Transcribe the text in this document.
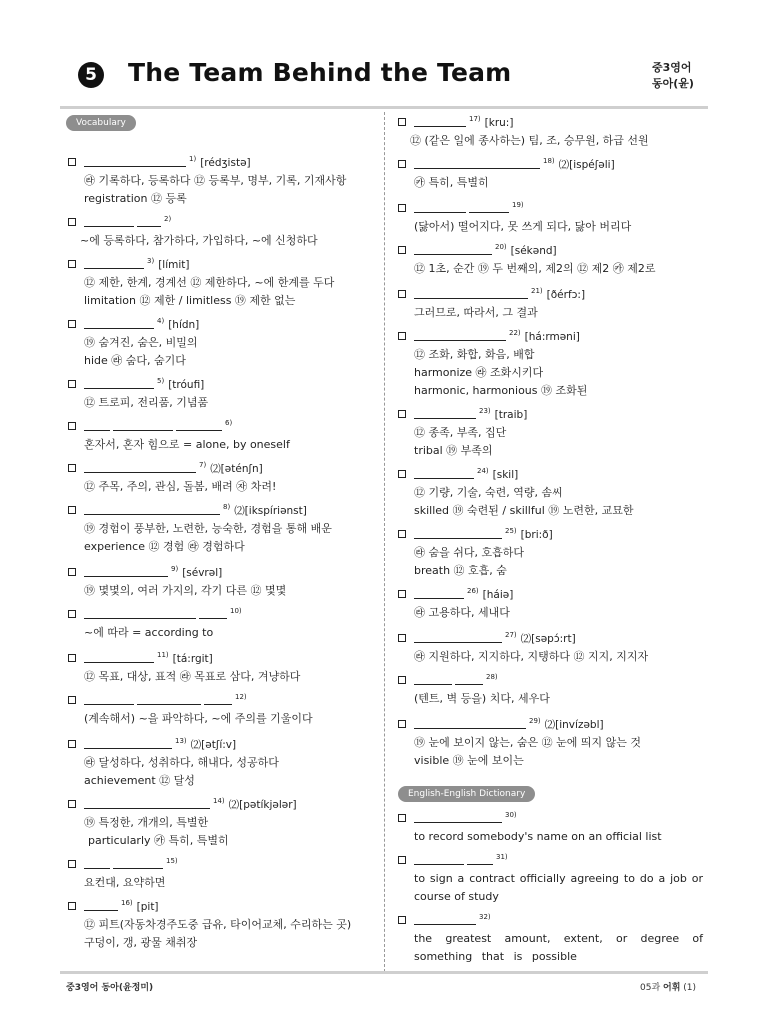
5 The Team Behind the Team	중3영어
동아(윤)
Vocabulary
English-English Dictionary
$^{1)}$ [rédʒistə]
㉱ 기록하다, 등록하다 ⑫ 등록부, 명부, 기록, 기재사항
registration ⑫ 등록
$^{2)}$
~에 등록하다, 참가하다, 가입하다, ~에 신청하다
$^{3)}$ [límit]
⑫ 제한, 한계, 경계선 ⑫ 제한하다, ~에 한계를 두다
limitation ⑫ 제한 / limitless ⑲ 제한 없는
$^{4)}$ [hídn]
⑲ 숨겨진, 숨은, 비밀의
hide ㉱ 숨다, 숨기다
$^{5)}$ [tróufi]
⑫ 트로피, 전리품, 기념품
$^{6)}$
혼자서, 혼자 힘으로 = alone, by oneself
$^{7)}$ ⑵[əténʃn]
⑫ 주목, 주의, 관심, 돌봄, 배려 ㉶ 차려!
$^{8)}$ ⑵[ikspíriənst]
⑲ 경험이 풍부한, 노련한, 능숙한, 경험을 통해 배운
experience ⑫ 경험 ㉱ 경험하다
$^{9)}$ [sévrəl]
⑲ 몇몇의, 여러 가지의, 각기 다른 ⑫ 몇몇
$^{10)}$
~에 따라 = according to
$^{11)}$ [tá:rgit]
⑫ 목표, 대상, 표적 ㉱ 목표로 삼다, 겨냥하다
$^{12)}$
(계속해서) ~을 파악하다, ~에 주의를 기울이다
$^{13)}$ ⑵[ətʃí:v]
㉱ 달성하다, 성취하다, 해내다, 성공하다
achievement ⑫ 달성
$^{14)}$ ⑵[pətíkjələr]
⑲ 특정한, 개개의, 특별한
particularly ㉸ 특히, 특별히
$^{15)}$
요컨대, 요약하면
$^{16)}$ [pit]
⑫ 피트(자동차경주도중 급유, 타이어교체, 수리하는 곳)
구덩이, 갱, 광물 채취장
$^{17)}$ [kru:]
⑫ (같은 일에 종사하는) 팀, 조, 승무원, 하급 선원
$^{18)}$ ⑵[ispéʃəli]
㉸ 특히, 특별히
$^{19)}$
(닳아서) 떨어지다, 못 쓰게 되다, 닳아 버리다
$^{20)}$ [sékənd]
⑫ 1초, 순간 ⑲ 두 번째의, 제2의 ⑫ 제2 ㉸ 제2로
$^{21)}$ [ðérfɔ:]
그러므로, 따라서, 그 결과
$^{22)}$ [há:rməni]
⑫ 조화, 화합, 화음, 배합
harmonize ㉱ 조화시키다
harmonic, harmonious ⑲ 조화된
$^{23)}$ [traib]
⑫ 종족, 부족, 집단
tribal ⑲ 부족의
$^{24)}$ [skil]
⑫ 기량, 기술, 숙련, 역량, 솜씨
skilled ⑲ 숙련된 / skillful ⑲ 노련한, 교묘한
$^{25)}$ [bri:ð]
㉱ 숨을 쉬다, 호흡하다
breath ⑫ 호흡, 숨
$^{26)}$ [háiə]
㉱ 고용하다, 세내다
$^{27)}$ ⑵[səpɔ́:rt]
㉱ 지원하다, 지지하다, 지탱하다 ⑫ 지지, 지지자
$^{28)}$
(텐트, 벽 등을) 치다, 세우다
$^{29)}$ ⑵[invízəbl]
⑲ 눈에 보이지 않는, 숨은 ⑫ 눈에 띄지 않는 것
visible ⑲ 눈에 보이는
$^{30)}$
to record somebody's name on an official list
$^{31)}$
to sign a contract officially agreeing to do a job or course of study
$^{32)}$
the greatest amount, extent, or degree of something that is possible
중3영어 동아(윤정미)	05과 어휘 (1)
